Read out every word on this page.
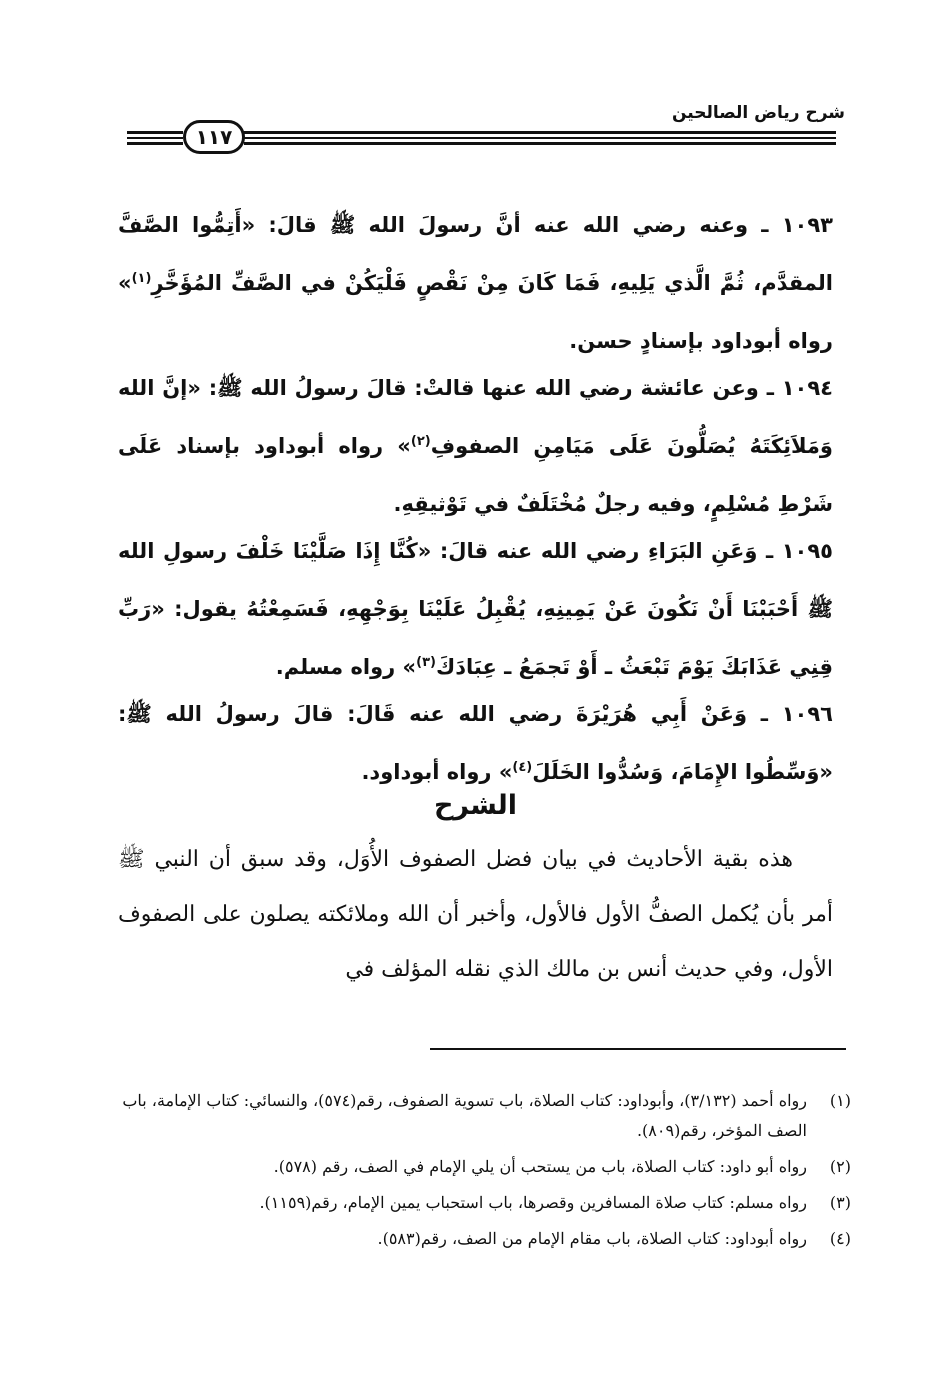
شرح رياض الصالحين
١١٧

١٠٩٣ ـ وعنه رضي الله عنه أنَّ رسولَ الله ﷺ قالَ: «أَتِمُّوا الصَّفَّ المقدَّم، ثُمَّ الَّذي يَلِيهِ، فَمَا كَانَ مِنْ نَقْصٍ فَلْيَكُنْ في الصَّفِّ المُؤَخَّرِ$^{(١)}$» رواه أبوداود بإسنادٍ حسن.

١٠٩٤ ـ وعن عائشة رضي الله عنها قالتْ: قالَ رسولُ الله ﷺ: «إنَّ الله وَمَلاَئِكَتَهُ يُصَلُّونَ عَلَى مَيَامِنِ الصفوفِ$^{(٢)}$» رواه أبوداود بإسناد عَلَى شَرْطِ مُسْلِمٍ، وفيه رجلٌ مُخْتَلَفٌ في تَوْثيقِهِ.

١٠٩٥ ـ وَعَنِ البَرَاءِ رضي الله عنه قالَ: «كُنَّا إِذَا صَلَّيْنَا خَلْفَ رسولِ الله ﷺ أَحْبَبْنَا أَنْ نَكُونَ عَنْ يَمِينِهِ، يُقْبِلُ عَلَيْنَا بِوَجْهِهِ، فَسَمِعْتُهُ يقول: «رَبِّ قِنِي عَذَابَكَ يَوْمَ تَبْعَثُ ـ أَوْ تَجمَعُ ـ عِبَادَكَ$^{(٣)}$» رواه مسلم.

١٠٩٦ ـ وَعَنْ أَبِي هُرَيْرَةَ رضي الله عنه قَالَ: قالَ رسولُ الله ﷺ: «وَسِّطُوا الإِمَامَ، وَسُدُّوا الخَلَلَ$^{(٤)}$» رواه أبوداود.

الشرح

هذه بقية الأحاديث في بيان فضل الصفوف الأُوَل، وقد سبق أن النبي ﷺ أمر بأن يُكمل الصفُّ الأول فالأول، وأخبر أن الله وملائكته يصلون على الصفوف الأول، وفي حديث أنس بن مالك الذي نقله المؤلف في

(١)
رواه أحمد (٣/١٣٢)، وأبوداود: كتاب الصلاة، باب تسوية الصفوف، رقم(٥٧٤)، والنسائي: كتاب الإمامة، باب الصف المؤخر، رقم(٨٠٩).
(٢)
رواه أبو داود: كتاب الصلاة، باب من يستحب أن يلي الإمام في الصف، رقم (٥٧٨).
(٣)
رواه مسلم: كتاب صلاة المسافرين وقصرها، باب استحباب يمين الإمام، رقم(١١٥٩).
(٤)
رواه أبوداود: كتاب الصلاة، باب مقام الإمام من الصف، رقم(٥٨٣).
